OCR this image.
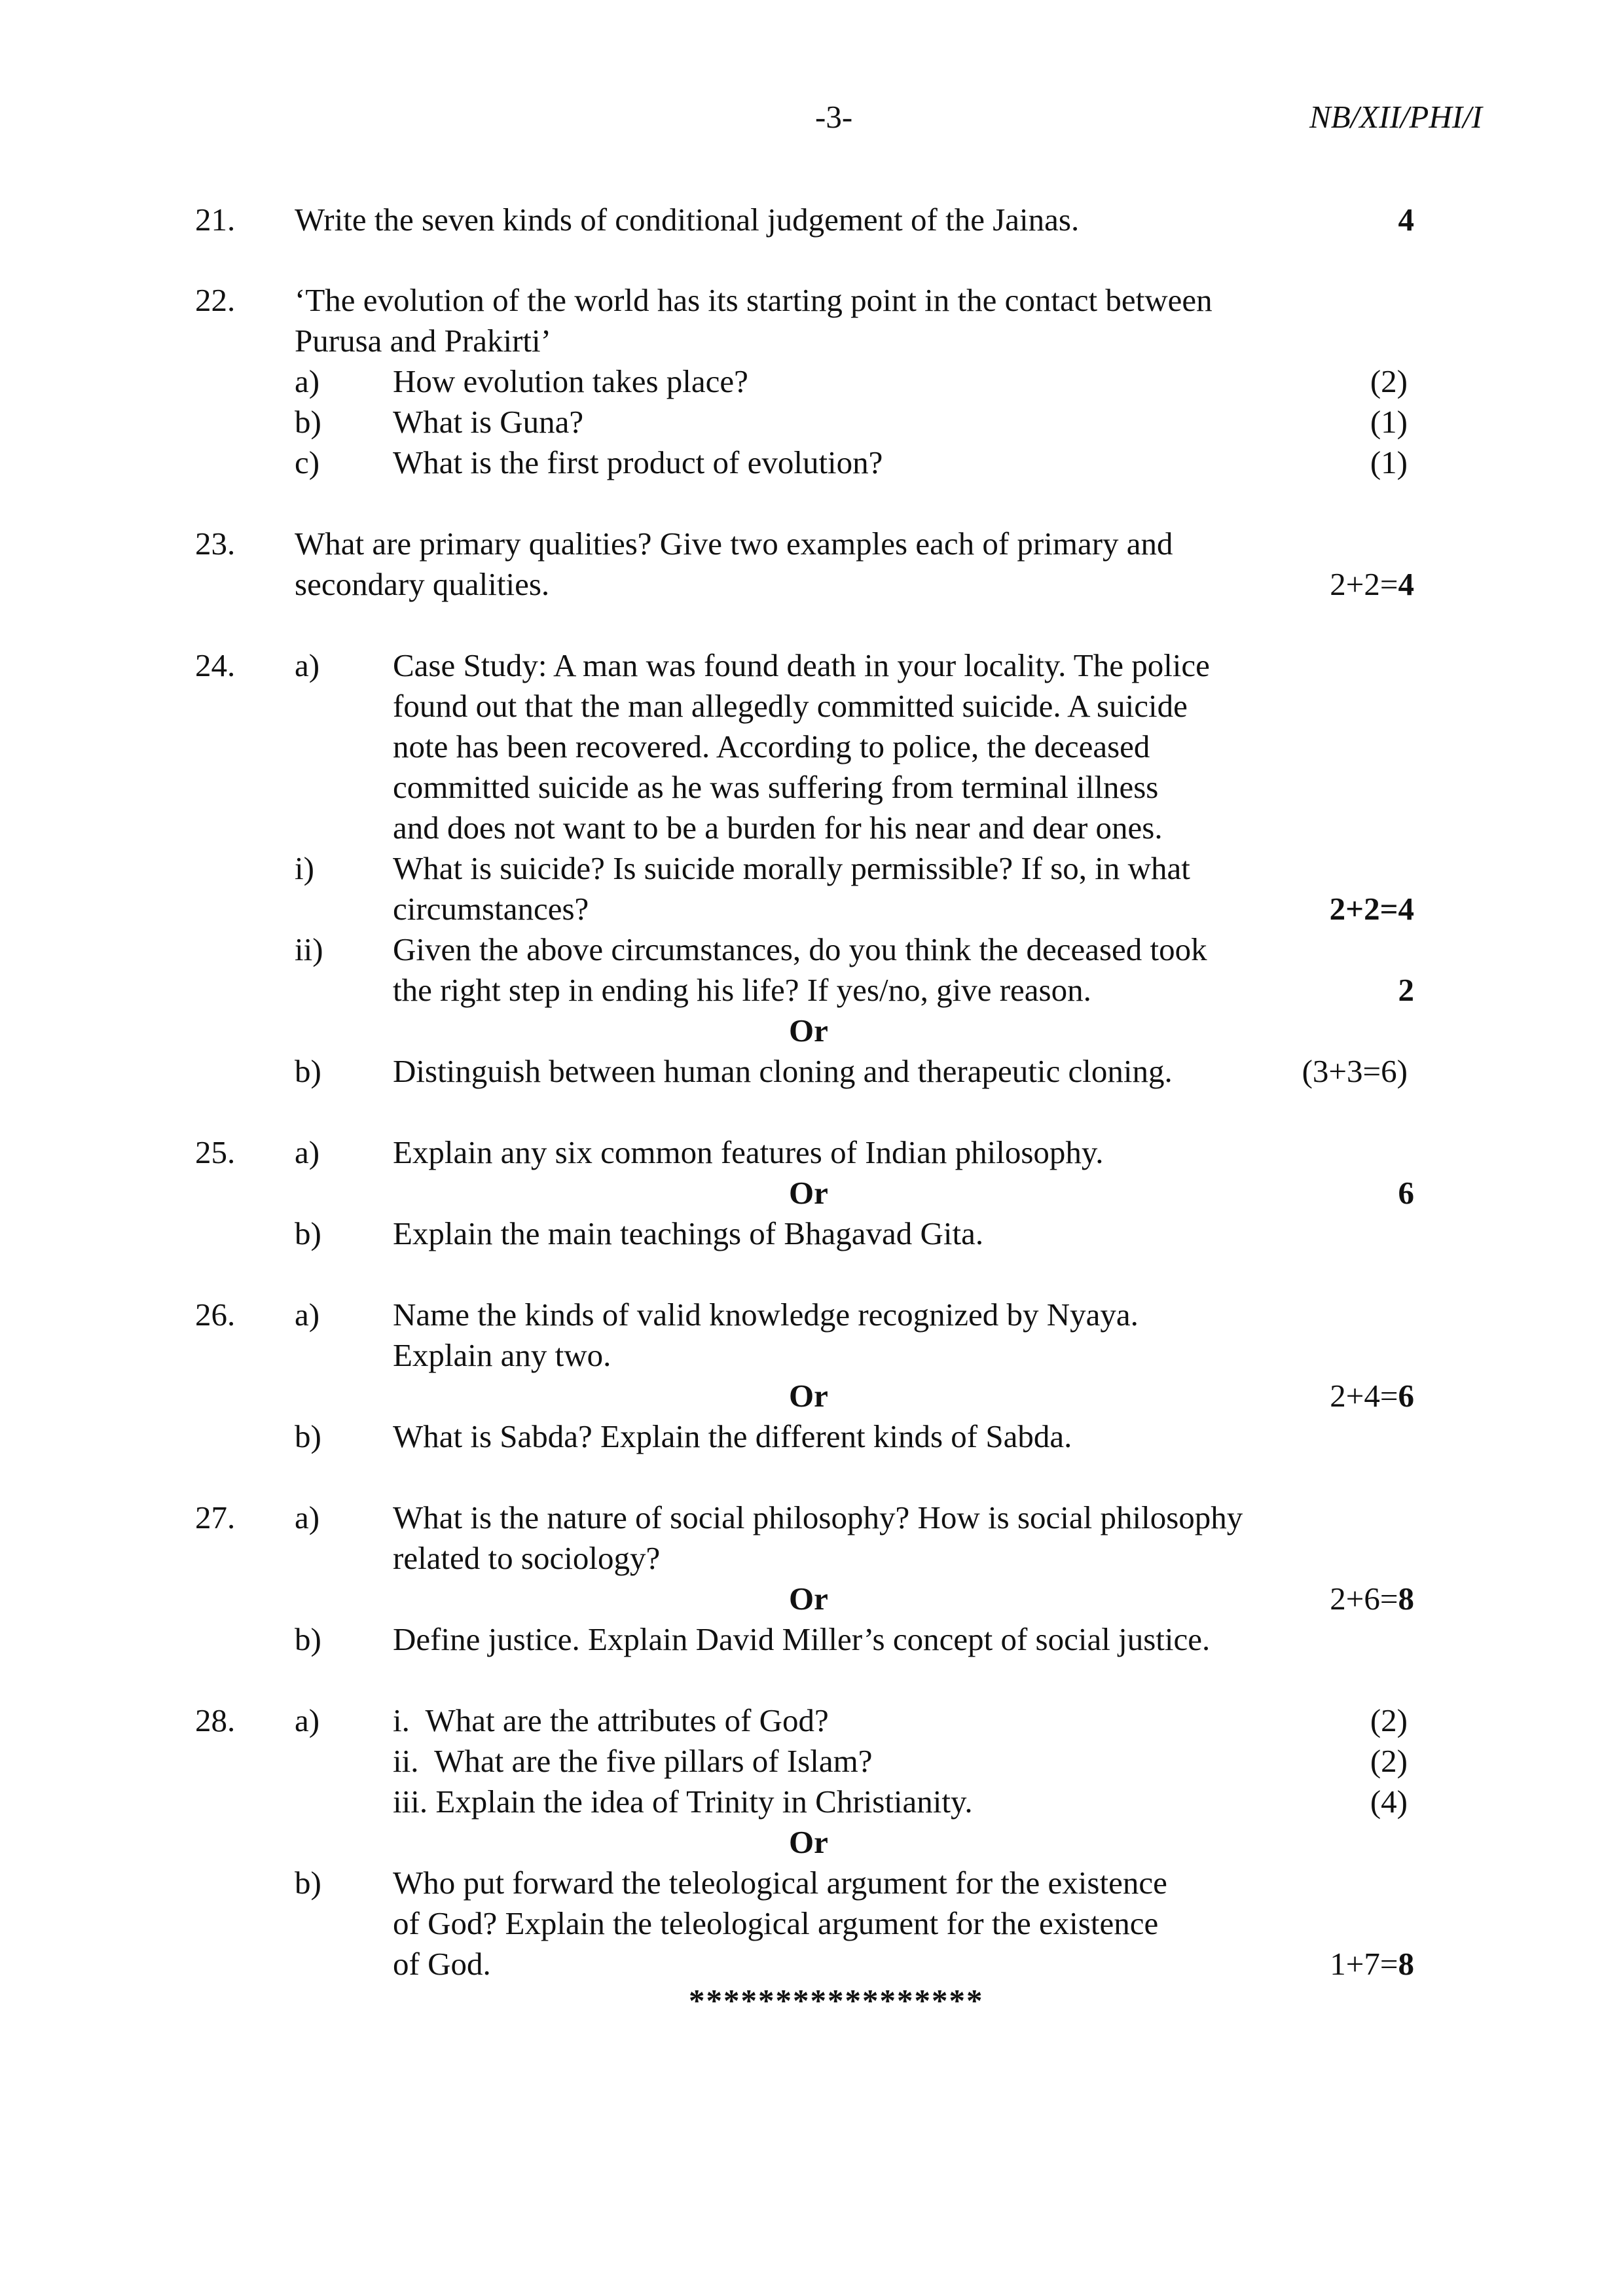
-3-	NB/XII/PHI/I
21. Write the seven kinds of conditional judgement of the Jainas.	4
22. ‘The evolution of the world has its starting point in the contact between
Purusa and Prakirti’
a) How evolution takes place?	(2)
b) What is Guna?	(1)
c) What is the first product of evolution?	(1)
23. What are primary qualities? Give two examples each of primary and
secondary qualities.	2+2=4
24. a) Case Study: A man was found death in your locality. The police
found out that the man allegedly committed suicide. A suicide
note has been recovered. According to police, the deceased
committed suicide as he was suffering from terminal illness
and does not want to be a burden for his near and dear ones.
i) What is suicide? Is suicide morally permissible? If so, in what
circumstances?	2+2=4
ii) Given the above circumstances, do you think the deceased took
the right step in ending his life? If yes/no, give reason.	2
Or
b) Distinguish between human cloning and therapeutic cloning.	(3+3=6)
25. a) Explain any six common features of Indian philosophy.
Or	6
b) Explain the main teachings of Bhagavad Gita.
26. a) Name the kinds of valid knowledge recognized by Nyaya.
Explain any two.
Or	2+4=6
b) What is Sabda? Explain the different kinds of Sabda.
27. a) What is the nature of social philosophy? How is social philosophy
related to sociology?
Or	2+6=8
b) Define justice. Explain David Miller’s concept of social justice.
28. a) i.  What are the attributes of God?	(2)
ii.  What are the five pillars of Islam?	(2)
iii. Explain the idea of Trinity in Christianity.	(4)
Or
b) Who put forward the teleological argument for the existence
of God? Explain the teleological argument for the existence
of God.	1+7=8
*****************
